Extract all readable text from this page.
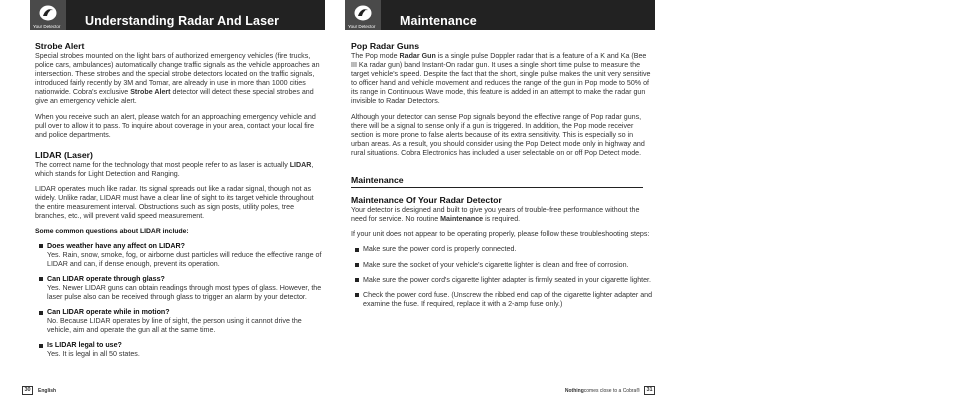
Your Detector Understanding Radar And Laser
Strobe Alert

Special strobes mounted on the light bars of authorized emergency vehicles (fire trucks, police cars, ambulances) automatically change traffic signals as the vehicle approaches an intersection. These strobes and the special strobe detectors located on the traffic signals, introduced fairly recently by 3M and Tomar, are already in use in more than 1000 cities nationwide. Cobra's exclusive Strobe Alert detector will detect these special strobes and give an emergency vehicle alert.

When you receive such an alert, please watch for an approaching emergency vehicle and pull over to allow it to pass. To inquire about coverage in your area, contact your local fire and police departments.

LIDAR (Laser)

The correct name for the technology that most people refer to as laser is actually LIDAR, which stands for Light Detection and Ranging.

LIDAR operates much like radar. Its signal spreads out like a radar signal, though not as widely. Unlike radar, LIDAR must have a clear line of sight to its target vehicle throughout the entire measurement interval. Obstructions such as sign posts, utility poles, tree branches, etc., will prevent valid speed measurement.

Some common questions about LIDAR include:
Does weather have any affect on LIDAR?
Yes. Rain, snow, smoke, fog, or airborne dust particles will reduce the effective range of LIDAR and can, if dense enough, prevent its operation.
Can LIDAR operate through glass?
Yes. Newer LIDAR guns can obtain readings through most types of glass. However, the laser pulse also can be received through glass to trigger an alarm by your detector.
Can LIDAR operate while in motion?
No. Because LIDAR operates by line of sight, the person using it cannot drive the vehicle, aim and operate the gun all at the same time.
Is LIDAR legal to use?
Yes. It is legal in all 50 states.
30	English
Your Detector Maintenance
Pop Radar Guns

The Pop mode Radar Gun is a single pulse Doppler radar that is a feature of a K and Ka (Bee III Ka radar gun) band Instant-On radar gun. It uses a single short time pulse to measure the target vehicle's speed. Despite the fact that the short, single pulse makes the unit very sensitive to officer hand and vehicle movement and reduces the range of the gun in Pop mode to 50% of its range in Continuous Wave mode, this feature is added in an attempt to make the radar gun invisible to Radar Detectors.

Although your detector can sense Pop signals beyond the effective range of Pop radar guns, there will be a signal to sense only if a gun is triggered. In addition, the Pop mode receiver section is more prone to false alerts because of its extra sensitivity. This is especially so in urban areas. As a result, you should consider using the Pop Detect mode only in highway and rural situations. Cobra Electronics has included a user selectable on or off Pop Detect mode.

Maintenance
Maintenance Of Your Radar Detector

Your detector is designed and built to give you years of trouble-free performance without the need for service. No routine Maintenance is required.

If your unit does not appear to be operating properly, please follow these troubleshooting steps:

Make sure the power cord is properly connected.
Make sure the socket of your vehicle's cigarette lighter is clean and free of corrosion.
Make sure the power cord's cigarette lighter adapter is firmly seated in your cigarette lighter.
Check the power cord fuse. (Unscrew the ribbed end cap of the cigarette lighter adapter and examine the fuse. If required, replace it with a 2-amp fuse only.)
Nothing comes close to a Cobra®	31
